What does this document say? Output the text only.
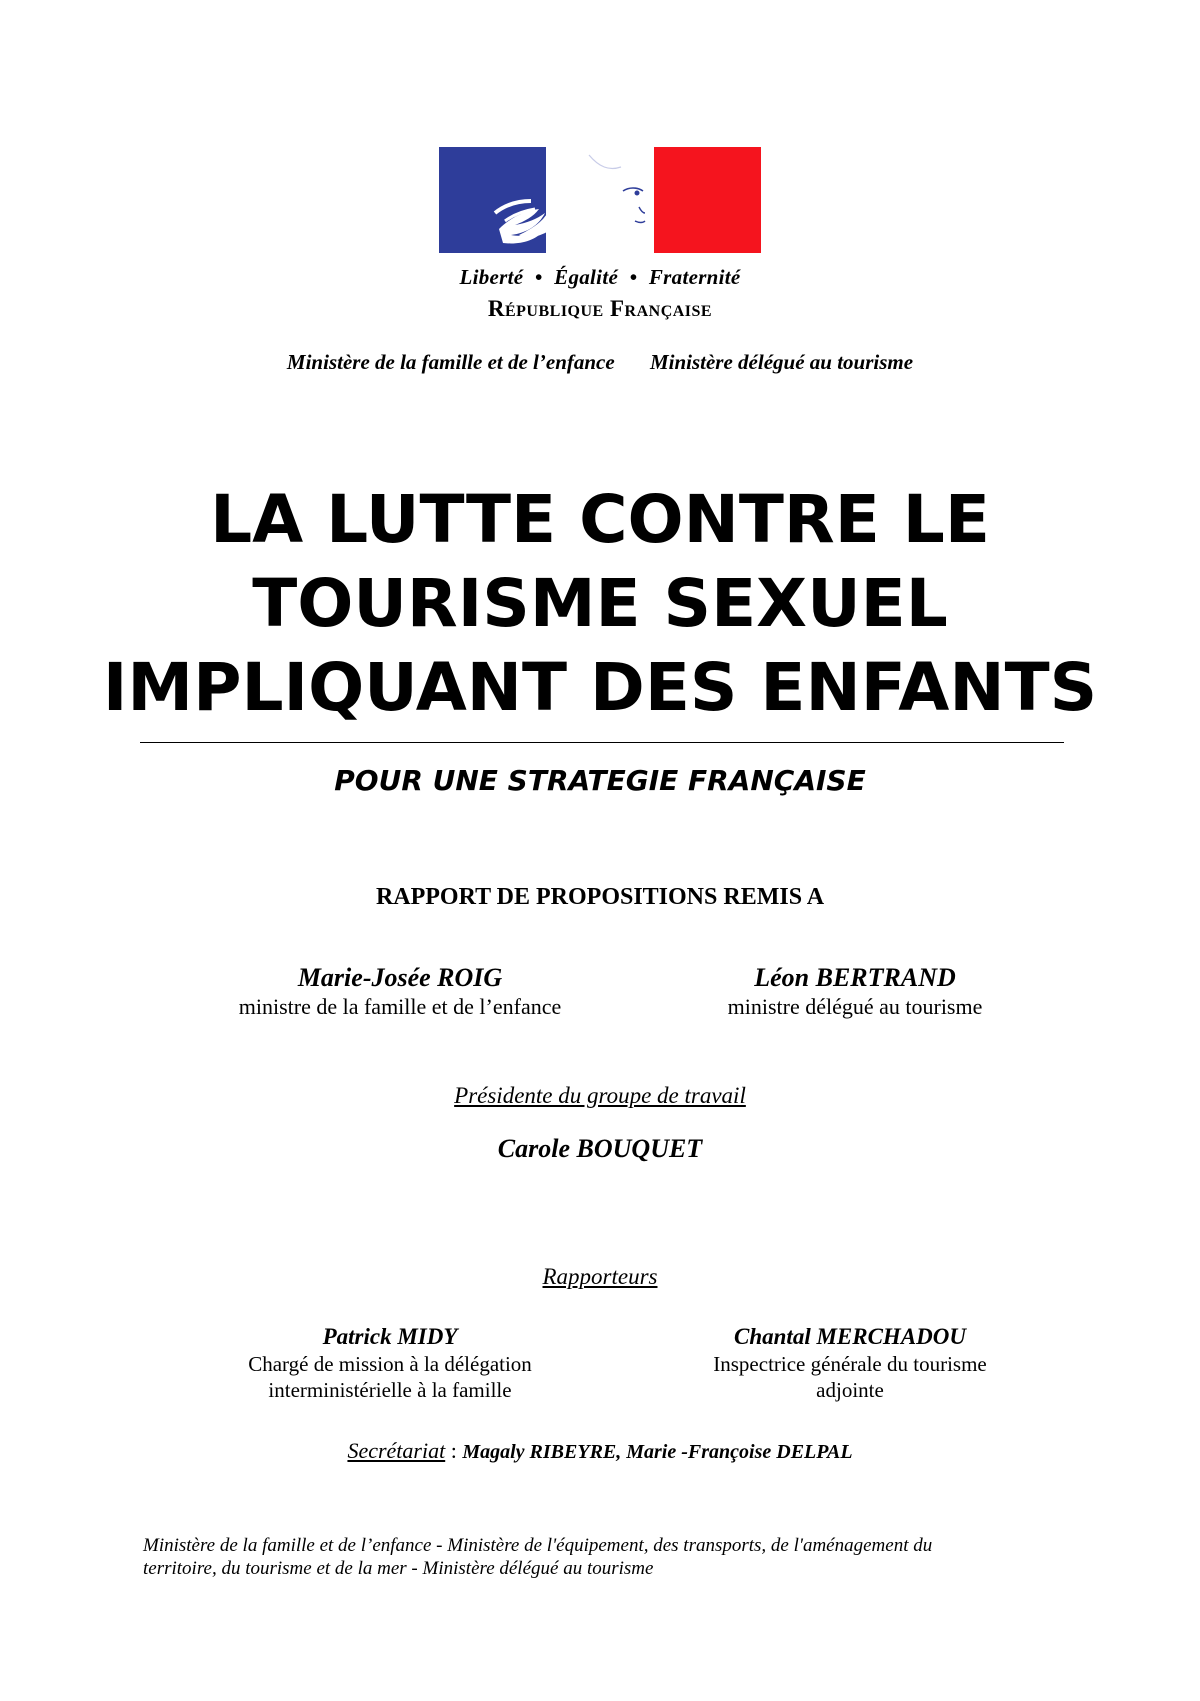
Liberté • Égalité • Fraternité
République Française
Ministère de la famille et de l’enfance Ministère délégué au tourisme
LA LUTTE CONTRE LE
TOURISME SEXUEL
IMPLIQUANT DES ENFANTS
POUR UNE STRATEGIE FRANÇAISE
RAPPORT DE PROPOSITIONS REMIS A
Marie-Josée ROIG
ministre de la famille et de l’enfance
Léon BERTRAND
ministre délégué au tourisme
Présidente du groupe de travail
Carole BOUQUET
Rapporteurs
Patrick MIDY
Chargé de mission à la délégation
interministérielle à la famille
Chantal MERCHADOU
Inspectrice générale du tourisme
adjointe
Secrétariat : Magaly RIBEYRE, Marie -Françoise DELPAL
Ministère de la famille et de l’enfance - Ministère de l'équipement, des transports, de l'aménagement du
territoire, du tourisme et de la mer - Ministère délégué au tourisme
